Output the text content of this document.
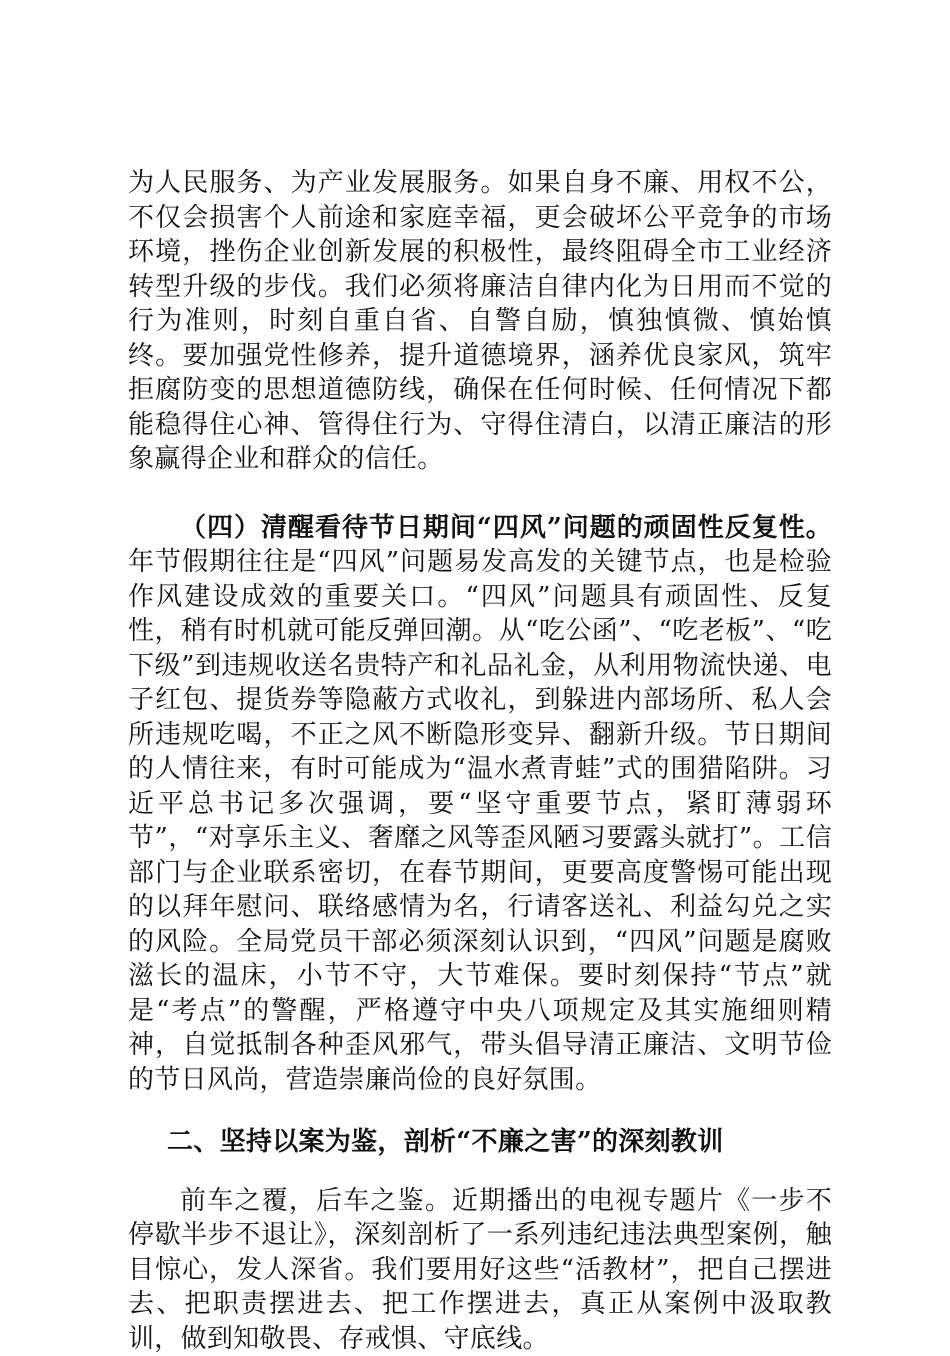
为人民服务、为产业发展服务。如果自身不廉、用权不公，不仅会损害个人前途和家庭幸福，更会破坏公平竞争的市场环境，挫伤企业创新发展的积极性，最终阻碍全市工业经济转型升级的步伐。我们必须将廉洁自律内化为日用而不觉的行为准则，时刻自重自省、自警自励，慎独慎微、慎始慎终。要加强党性修养，提升道德境界，涵养优良家风，筑牢拒腐防变的思想道德防线，确保在任何时候、任何情况下都能稳得住心神、管得住行为、守得住清白，以清正廉洁的形象赢得企业和群众的信任。

（四）清醒看待节日期间“四风”问题的顽固性反复性。年节假期往往是“四风”问题易发高发的关键节点，也是检验作风建设成效的重要关口。“四风”问题具有顽固性、反复性，稍有时机就可能反弹回潮。从“吃公函”、“吃老板”、“吃下级”到违规收送名贵特产和礼品礼金，从利用物流快递、电子红包、提货券等隐蔽方式收礼，到躲进内部场所、私人会所违规吃喝，不正之风不断隐形变异、翻新升级。节日期间的人情往来，有时可能成为“温水煮青蛙”式的围猎陷阱。习近平总书记多次强调，要“坚守重要节点，紧盯薄弱环节”，“对享乐主义、奢靡之风等歪风陋习要露头就打”。工信部门与企业联系密切，在春节期间，更要高度警惕可能出现的以拜年慰问、联络感情为名，行请客送礼、利益勾兑之实的风险。全局党员干部必须深刻认识到，“四风”问题是腐败滋长的温床，小节不守，大节难保。要时刻保持“节点”就是“考点”的警醒，严格遵守中央八项规定及其实施细则精神，自觉抵制各种歪风邪气，带头倡导清正廉洁、文明节俭的节日风尚，营造崇廉尚俭的良好氛围。

二、坚持以案为鉴，剖析“不廉之害”的深刻教训

前车之覆，后车之鉴。近期播出的电视专题片《一步不停歇半步不退让》，深刻剖析了一系列违纪违法典型案例，触目惊心，发人深省。我们要用好这些“活教材”，把自己摆进去、把职责摆进去、把工作摆进去，真正从案例中汲取教训，做到知敬畏、存戒惧、守底线。
